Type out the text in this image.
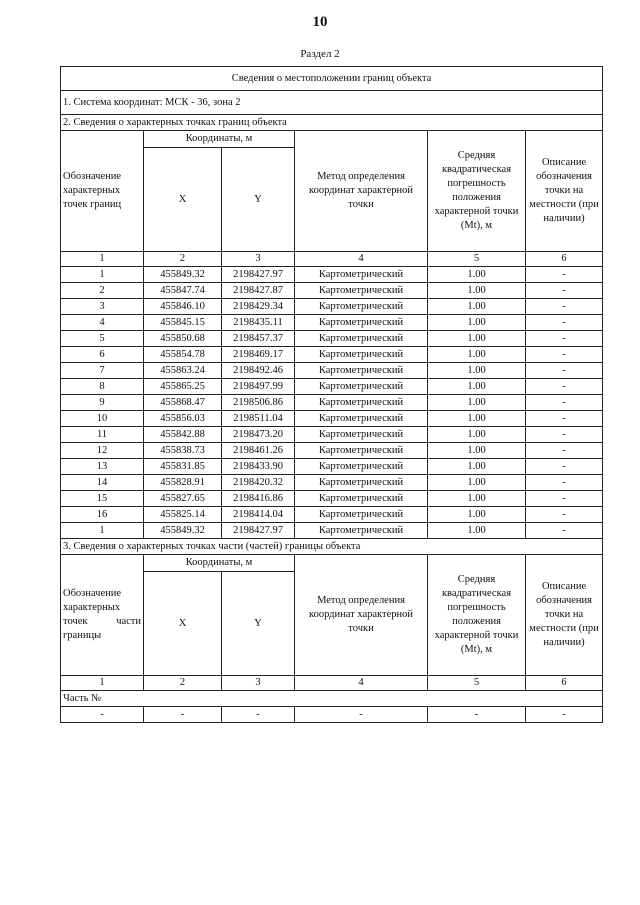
10
Раздел 2
Сведения о местоположении границ объекта					
1. Система координат: МСК - 36, зона 2					
2. Сведения о характерных точках границ объекта					
Обозначение характерных точек границ	Координаты, м		Метод определения координат характерной точки	Средняя квадратическая погрешность положения характерной точки (Mt), м	Описание обозначения точки на местности (при наличии)
	X	Y			
1	2	3	4	5	6
1	455849.32	2198427.97	Картометрический	1.00	-
2	455847.74	2198427.87	Картометрический	1.00	-
3	455846.10	2198429.34	Картометрический	1.00	-
4	455845.15	2198435.11	Картометрический	1.00	-
5	455850.68	2198457.37	Картометрический	1.00	-
6	455854.78	2198469.17	Картометрический	1.00	-
7	455863.24	2198492.46	Картометрический	1.00	-
8	455865.25	2198497.99	Картометрический	1.00	-
9	455868.47	2198506.86	Картометрический	1.00	-
10	455856.03	2198511.04	Картометрический	1.00	-
11	455842.88	2198473.20	Картометрический	1.00	-
12	455838.73	2198461.26	Картометрический	1.00	-
13	455831.85	2198433.90	Картометрический	1.00	-
14	455828.91	2198420.32	Картометрический	1.00	-
15	455827.65	2198416.86	Картометрический	1.00	-
16	455825.14	2198414.04	Картометрический	1.00	-
1	455849.32	2198427.97	Картометрический	1.00	-
3. Сведения о характерных точках части (частей) границы объекта					
Обозначение характерных точек части границы	Координаты, м		Метод определения координат характерной точки	Средняя квадратическая погрешность положения характерной точки (Mt), м	Описание обозначения точки на местности (при наличии)
	X	Y			
1	2	3	4	5	6
Часть №					
-	-	-	-	-	-
